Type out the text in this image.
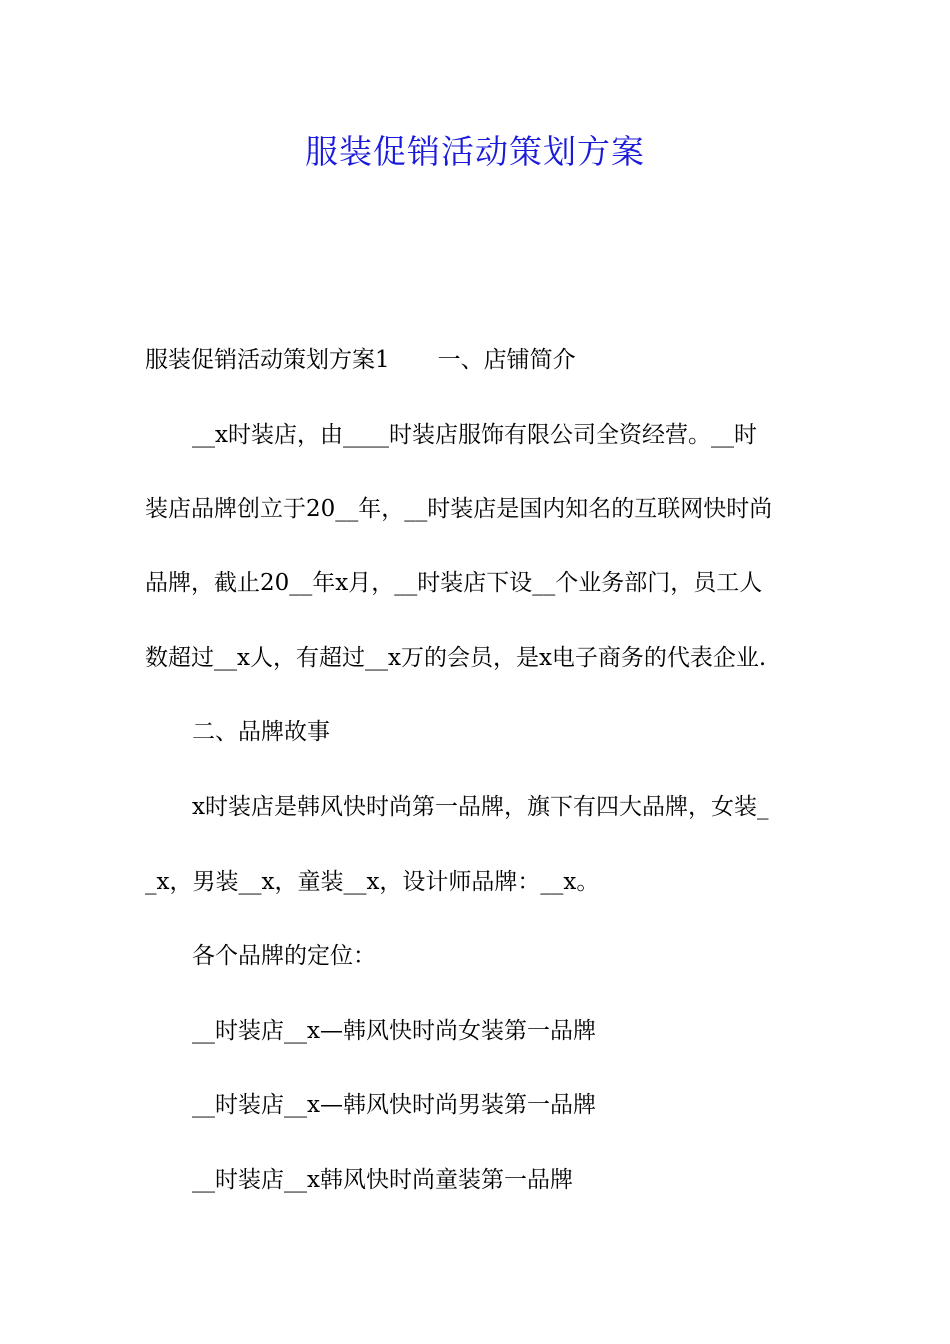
服装促销活动策划方案
服装促销活动策划方案1 一、店铺简介
__x时装店，由____时装店服饰有限公司全资经营。__时
装店品牌创立于20__年，__时装店是国内知名的互联网快时尚
品牌，截止20__年x月，__时装店下设__个业务部门，员工人
数超过__x人，有超过__x万的会员，是x电子商务的代表企业.
二、品牌故事
x时装店是韩风快时尚第一品牌，旗下有四大品牌，女装_
_x，男装__x，童装__x，设计师品牌：__x。
各个品牌的定位：
__时装店__x—韩风快时尚女装第一品牌
__时装店__x—韩风快时尚男装第一品牌
__时装店__x韩风快时尚童装第一品牌
